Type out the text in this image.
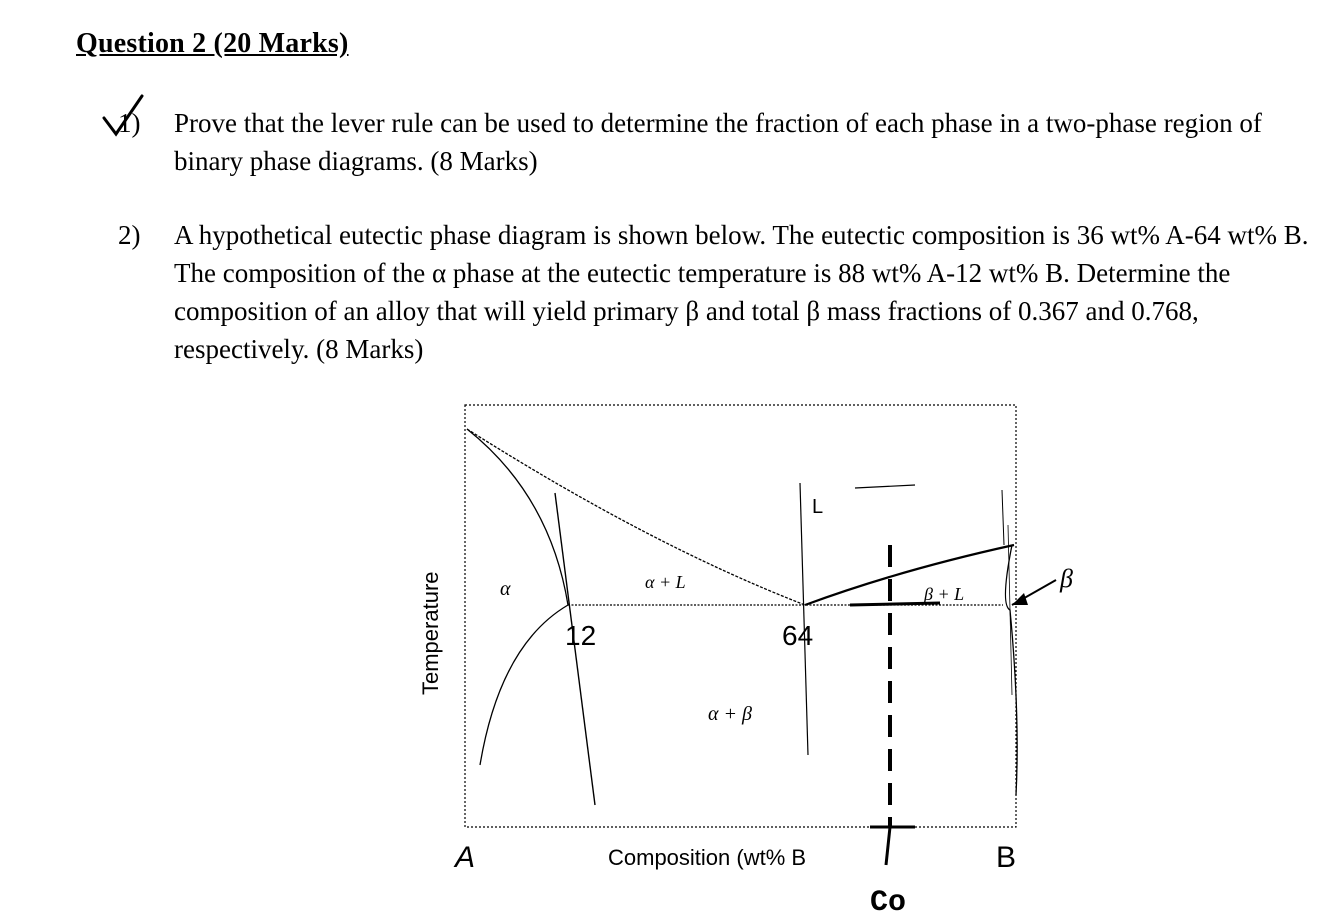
Question 2 (20 Marks)
1) Prove that the lever rule can be used to determine the fraction of each phase in a two-phase region of binary phase diagrams. (8 Marks)
2) A hypothetical eutectic phase diagram is shown below. The eutectic composition is 36 wt% A-64 wt% B. The composition of the α phase at the eutectic temperature is 88 wt% A-12 wt% B. Determine the composition of an alloy that will yield primary β and total β mass fractions of 0.367 and 0.768, respectively. (8 Marks)
α	α + L
L
β + L
α + β
β
12	64
Temperature
Composition (wt% B
A	B
Co
